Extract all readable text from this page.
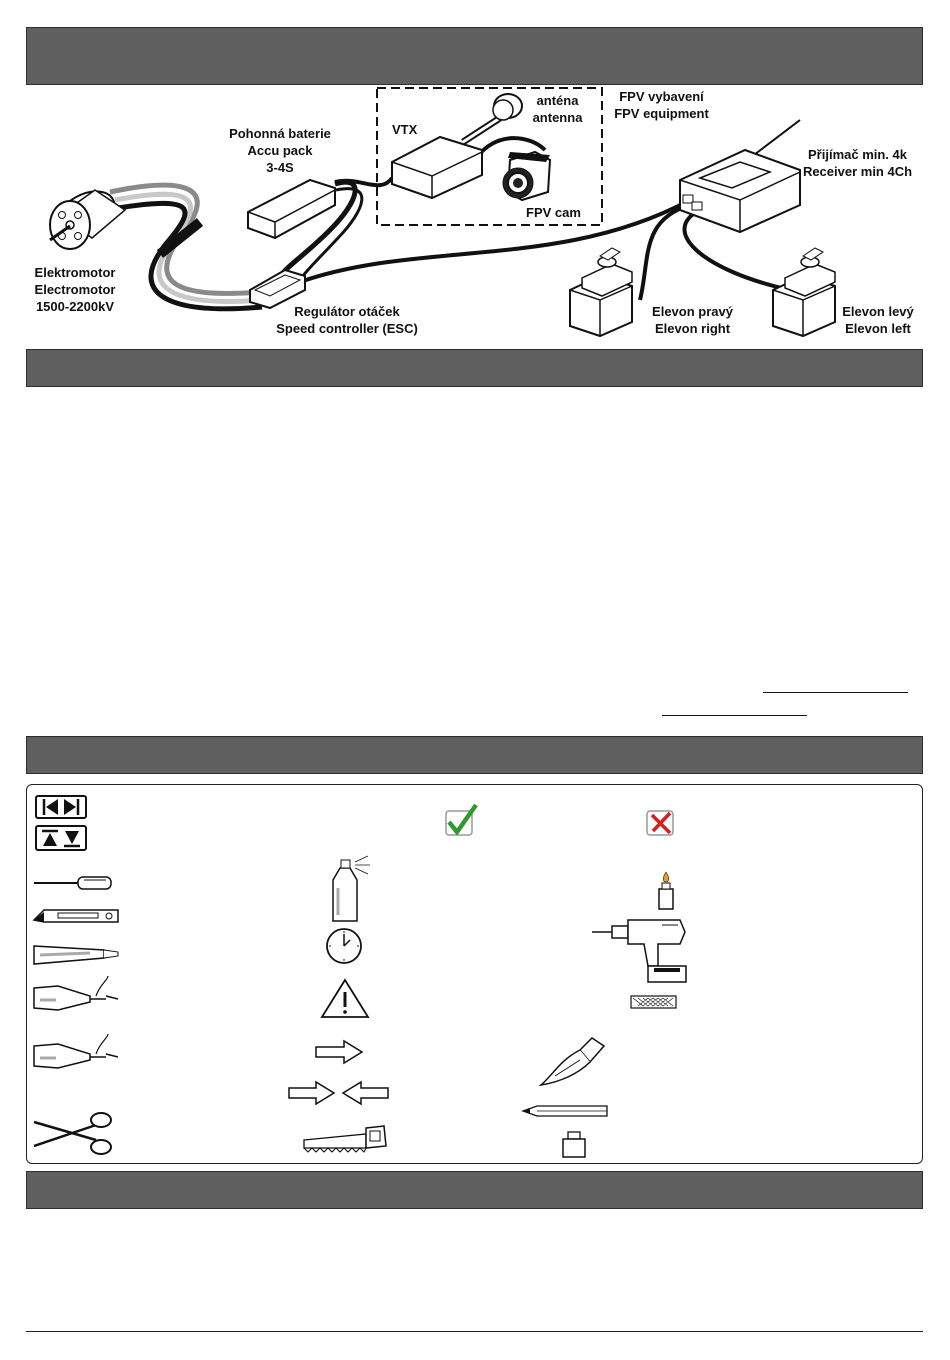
Elektromotor
Electromotor
1500-2200kV
Pohonná baterie
Accu pack
3-4S
VTX
anténa
antenna
FPV vybavení
FPV equipment
FPV cam
Přijímač min. 4k
Receiver min 4Ch
Regulátor otáček
Speed controller (ESC)
Elevon pravý
Elevon right
Elevon levý
Elevon left
